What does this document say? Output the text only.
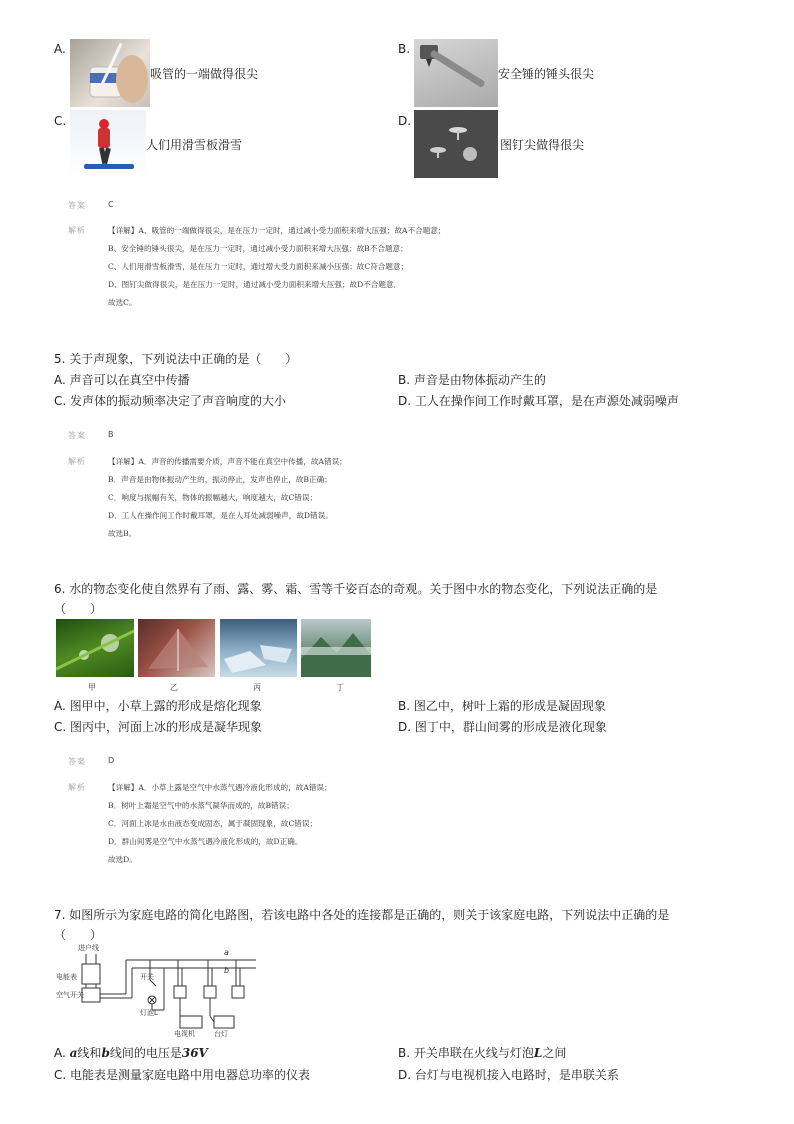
A.
吸管的一端做得很尖
B.
安全锤的锤头很尖
C.
人们用滑雪板滑雪
D.
图钉尖做得很尖
答案	C
解析	【详解】A、吸管的一端做得很尖，是在压力一定时，通过减小受力面积来增大压强；故A不合题意；
B、安全锤的锤头很尖，是在压力一定时，通过减小受力面积来增大压强；故B不合题意；
C、人们用滑雪板滑雪，是在压力一定时，通过增大受力面积来减小压强；故C符合题意；
D、图钉尖做得很尖，是在压力一定时，通过减小受力面积来增大压强；故D不合题意．
故选C。
5. 关于声现象，下列说法中正确的是（　　）
A. 声音可以在真空中传播	B. 声音是由物体振动产生的
C. 发声体的振动频率决定了声音响度的大小	D. 工人在操作间工作时戴耳罩，是在声源处减弱噪声
答案	B
解析	【详解】A．声音的传播需要介质，声音不能在真空中传播，故A错误；
B．声音是由物体振动产生的，振动停止，发声也停止，故B正确；
C．响度与振幅有关，物体的振幅越大，响度越大，故C错误；
D．工人在操作间工作时戴耳罩，是在人耳处减弱噪声，故D错误。
故选B。
6. 水的物态变化使自然界有了雨、露、雾、霜、雪等千姿百态的奇观。关于图中水的物态变化，下列说法正确的是
（　　）
甲	乙	丙	丁
A. 图甲中，小草上露的形成是熔化现象	B. 图乙中，树叶上霜的形成是凝固现象
C. 图丙中，河面上冰的形成是凝华现象	D. 图丁中，群山间雾的形成是液化现象
答案	D
解析	【详解】A．小草上露是空气中水蒸气遇冷液化形成的，故A错误；
B．树叶上霜是空气中的水蒸气凝华而成的，故B错误；
C．河面上冰是水由液态变成固态，属于凝固现象，故C错误；
D．群山间雾是空气中水蒸气遇冷液化形成的，故D正确。
故选D。
7. 如图所示为家庭电路的简化电路图，若该电路中各处的连接都是正确的，则关于该家庭电路，下列说法中正确的是
（　　）
进户线
电能表
空气开关
开关
灯泡L
电视机	台灯
a
b
A. a线和b线间的电压是36V	B. 开关串联在火线与灯泡L之间
C. 电能表是测量家庭电路中用电器总功率的仪表	D. 台灯与电视机接入电路时，是串联关系
